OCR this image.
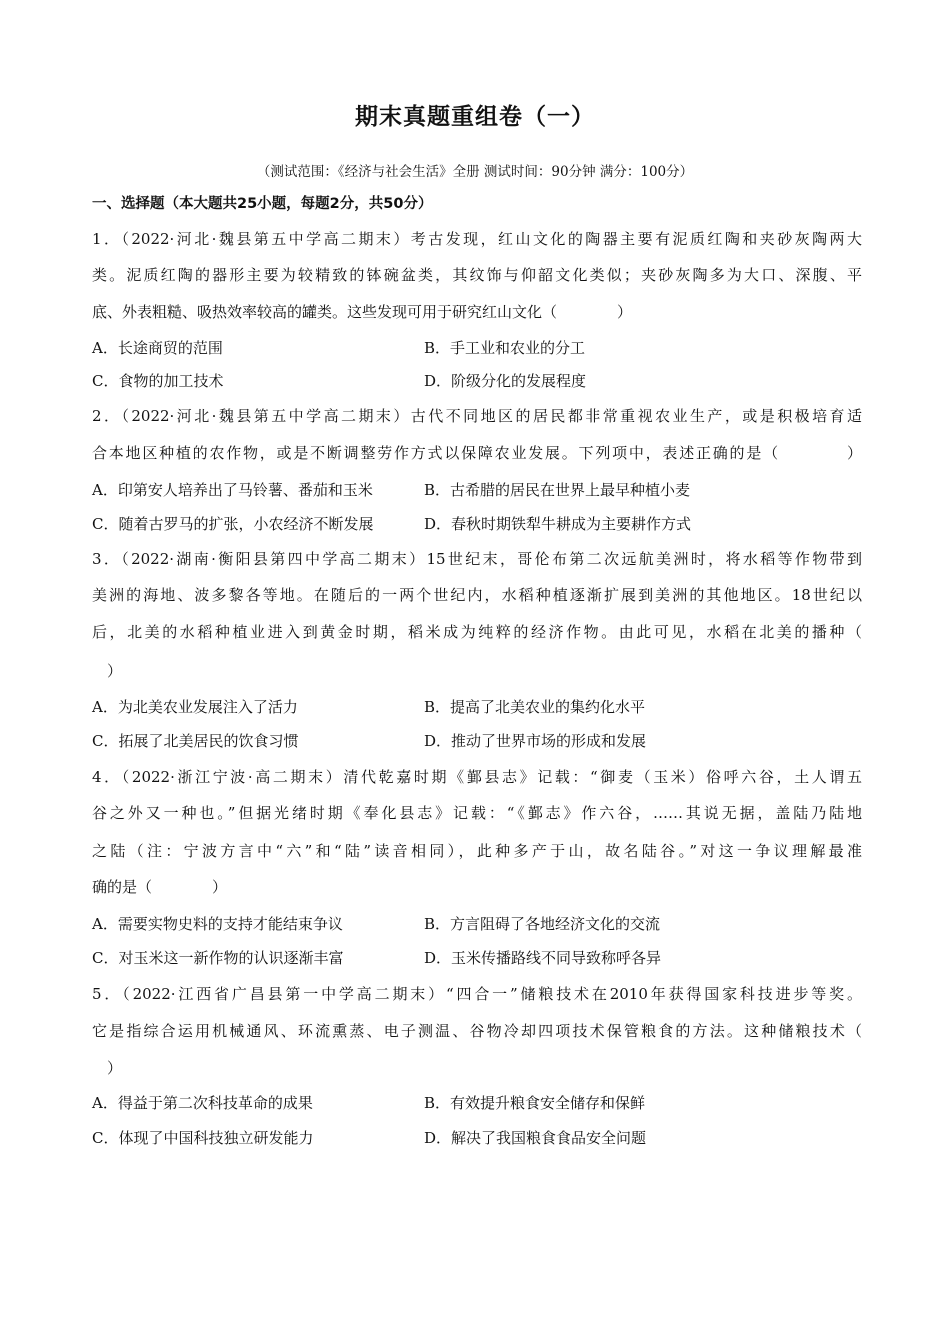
期末真题重组卷（一）
（测试范围：《经济与社会生活》全册 测试时间：90分钟 满分：100分）
一、选择题（本大题共25小题，每题2分，共50分）
1．（2022·河北·魏县第五中学高二期末）考古发现，红山文化的陶器主要有泥质红陶和夹砂灰陶两大
类。泥质红陶的器形主要为较精致的钵碗盆类，其纹饰与仰韶文化类似；夹砂灰陶多为大口、深腹、平
底、外表粗糙、吸热效率较高的罐类。这些发现可用于研究红山文化（　　　　）
A．长途商贸的范围	B．手工业和农业的分工
C．食物的加工技术	D．阶级分化的发展程度
2．（2022·河北·魏县第五中学高二期末）古代不同地区的居民都非常重视农业生产，或是积极培育适
合本地区种植的农作物，或是不断调整劳作方式以保障农业发展。下列项中，表述正确的是（　　　　）
A．印第安人培养出了马铃薯、番茄和玉米	B．古希腊的居民在世界上最早种植小麦
C．随着古罗马的扩张，小农经济不断发展	D．春秋时期铁犁牛耕成为主要耕作方式
3．（2022·湖南·衡阳县第四中学高二期末）15世纪末，哥伦布第二次远航美洲时，将水稻等作物带到
美洲的海地、波多黎各等地。在随后的一两个世纪内，水稻种植逐渐扩展到美洲的其他地区。18世纪以
后，北美的水稻种植业进入到黄金时期，稻米成为纯粹的经济作物。由此可见，水稻在北美的播种（
　）
A．为北美农业发展注入了活力	B．提高了北美农业的集约化水平
C．拓展了北美居民的饮食习惯	D．推动了世界市场的形成和发展
4．（2022·浙江宁波·高二期末）清代乾嘉时期《鄞县志》记载：“御麦（玉米）俗呼六谷，土人谓五
谷之外又一种也。”但据光绪时期《奉化县志》记载：“《鄞志》作六谷，……其说无据，盖陆乃陆地
之陆（注：宁波方言中“六”和“陆”读音相同），此种多产于山，故名陆谷。”对这一争议理解最准
确的是（　　　　）
A．需要实物史料的支持才能结束争议	B．方言阻碍了各地经济文化的交流
C．对玉米这一新作物的认识逐渐丰富	D．玉米传播路线不同导致称呼各异
5．（2022·江西省广昌县第一中学高二期末）“四合一”储粮技术在2010年获得国家科技进步等奖。
它是指综合运用机械通风、环流熏蒸、电子测温、谷物冷却四项技术保管粮食的方法。这种储粮技术（
　）
A．得益于第二次科技革命的成果	B．有效提升粮食安全储存和保鲜
C．体现了中国科技独立研发能力	D．解决了我国粮食食品安全问题
